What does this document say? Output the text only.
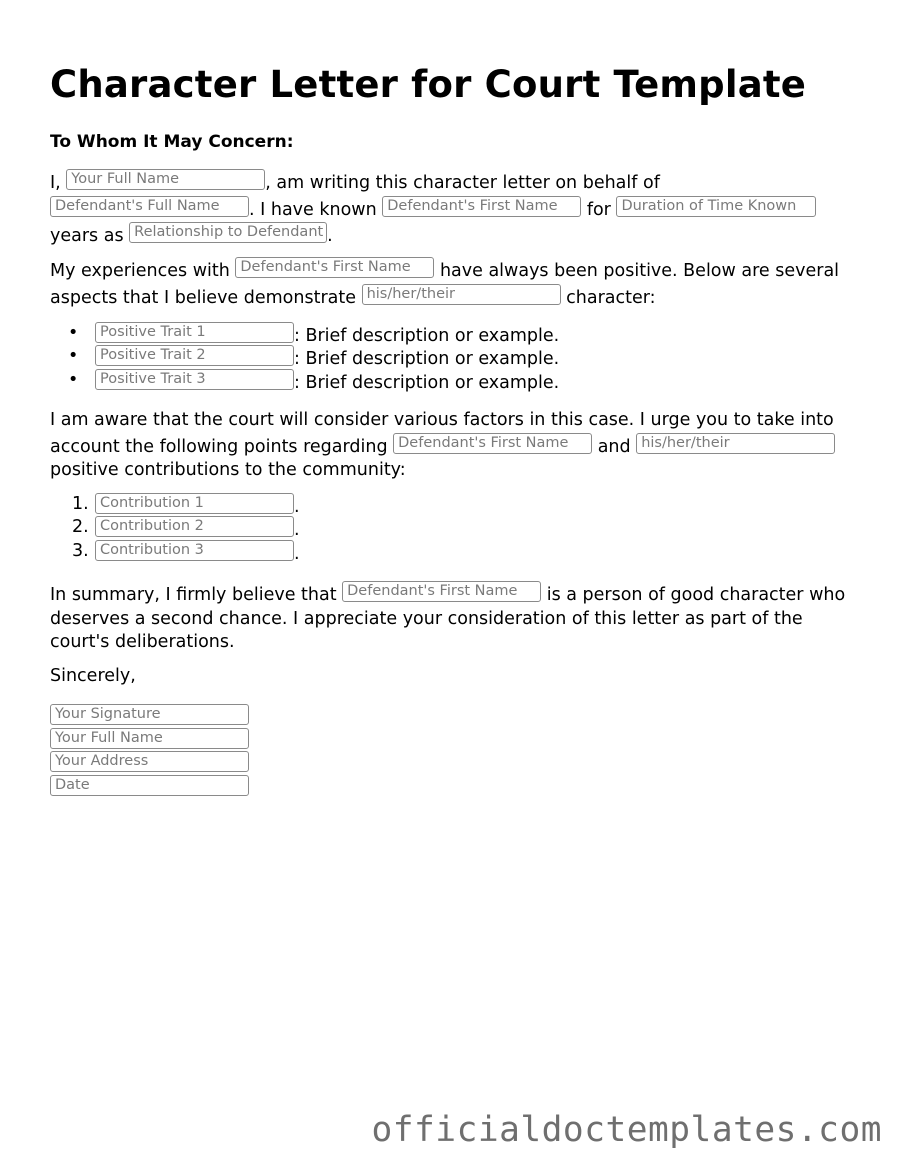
Character Letter for Court Template

To Whom It May Concern:

I, Your Full Name	, am writing this character letter on behalf of Defendant's Full Name . I have known Defendant's First Name for Duration of Time Known years as Relationship to Defendant .

My experiences with Defendant's First Name have always been positive. Below are several aspects that I believe demonstrate his/her/their	character:

•	Positive Trait 1	: Brief description or example.
•	Positive Trait 2	: Brief description or example.
•	Positive Trait 3	: Brief description or example.

I am aware that the court will consider various factors in this case. I urge you to take into account the following points regarding Defendant's First Name and his/her/their positive contributions to the community:

1. Contribution 1	.
2. Contribution 2	.
3. Contribution 3	.

In summary, I firmly believe that Defendant's First Name is a person of good character who deserves a second chance. I appreciate your consideration of this letter as part of the court's deliberations.

Sincerely,

Your Signature
Your Full Name
Your Address
Date
officialdoctemplates.com
